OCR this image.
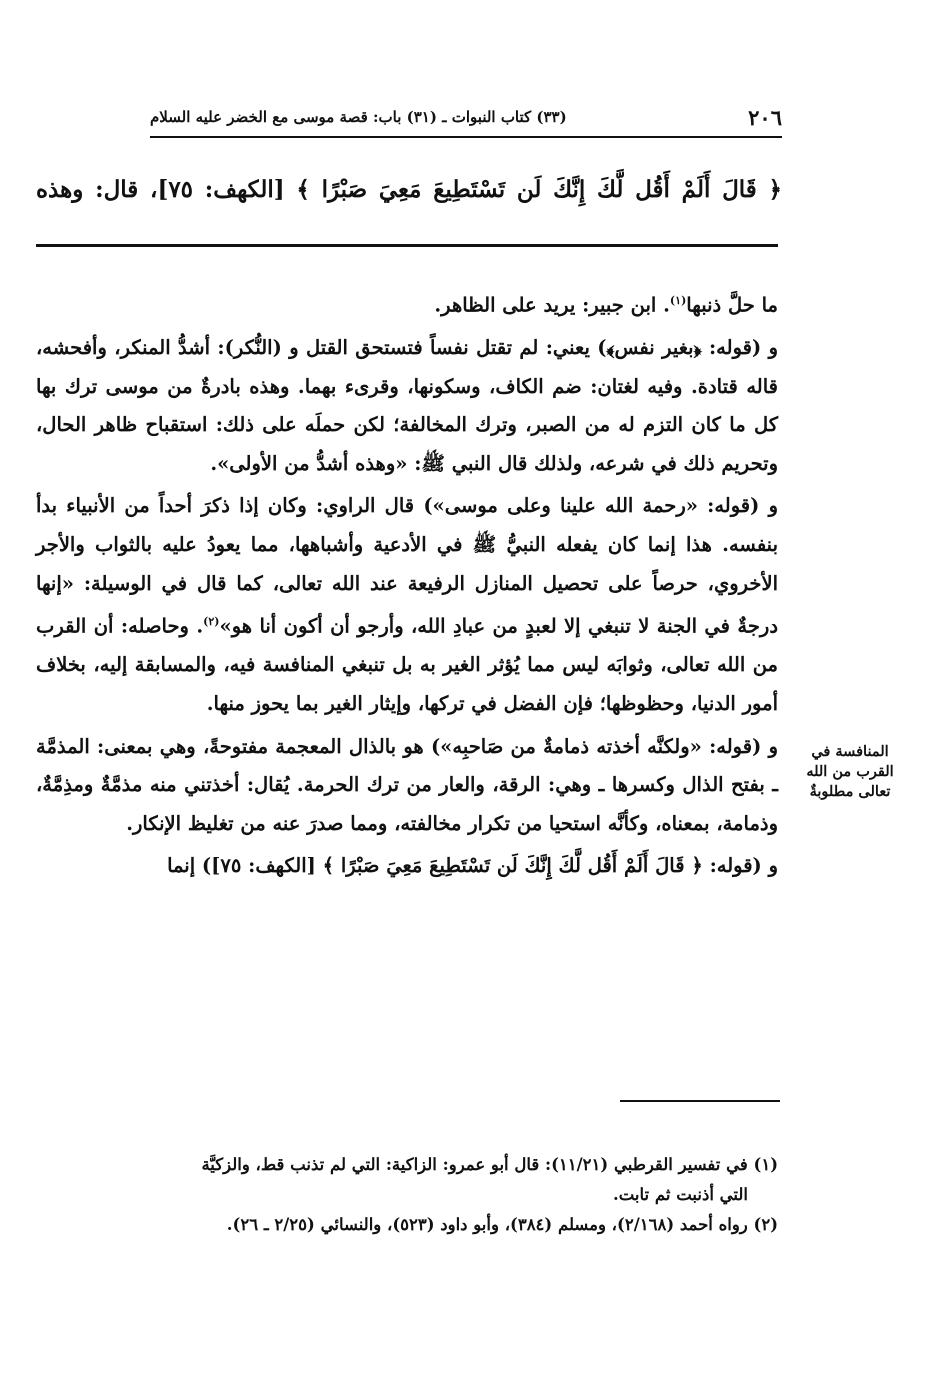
٢٠٦
(٣٣) كتاب النبوات ـ (٣١) باب: قصة موسى مع الخضر عليه السلام
﴿ قَالَ أَلَمْ أَقُل لَّكَ إِنَّكَ لَن تَسْتَطِيعَ مَعِيَ صَبْرًا ﴾ [الكهف: ٧٥]، قال: وهذه

ما حلَّ ذنبها$^{(١)}$. ابن جبير: يريد على الظاهر.

و (قوله: ﴿بغير نفس﴾) يعني: لم تقتل نفساً فتستحق القتل و (النُّكر): أشدُّ المنكر، وأفحشه، قاله قتادة. وفيه لغتان: ضم الكاف، وسكونها، وقرىء بهما. وهذه بادرةٌ من موسى ترك بها كل ما كان التزم له من الصبر، وترك المخالفة؛ لكن حملَه على ذلك: استقباح ظاهر الحال، وتحريم ذلك في شرعه، ولذلك قال النبي ﷺ: «وهذه أشدُّ من الأولى».

و (قوله: «رحمة الله علينا وعلى موسى») قال الراوي: وكان إذا ذكرَ أحداً من الأنبياء بدأ بنفسه. هذا إنما كان يفعله النبيُّ ﷺ في الأدعية وأشباهها، مما يعودُ عليه بالثواب والأجر الأخروي، حرصاً على تحصيل المنازل الرفيعة عند الله تعالى، كما قال في الوسيلة: «إنها درجةٌ في الجنة لا تنبغي إلا لعبدٍ من عبادِ الله، وأرجو أن أكون أنا هو»$^{(٢)}$. وحاصله: أن القرب من الله تعالى، وثوابَه ليس مما يُؤثر الغير به بل تنبغي المنافسة فيه، والمسابقة إليه، بخلاف أمور الدنيا، وحظوظها؛ فإن الفضل في تركها، وإيثار الغير بما يحوز منها.

و (قوله: «ولكنَّه أخذته ذمامةٌ من صَاحبِه») هو بالذال المعجمة مفتوحةً، وهي بمعنى: المذمَّة ـ بفتح الذال وكسرها ـ وهي: الرقة، والعار من ترك الحرمة. يُقال: أخذتني منه مذمَّةٌ ومذِمَّةٌ، وذمامة، بمعناه، وكأنَّه استحيا من تكرار مخالفته، ومما صدرَ عنه من تغليظ الإنكار.

و (قوله: ﴿ قَالَ أَلَمْ أَقُل لَّكَ إِنَّكَ لَن تَسْتَطِيعَ مَعِيَ صَبْرًا ﴾ [الكهف: ٧٥]) إنما

المنافسة في
القرب من الله
تعالى مطلوبةٌ

(١) في تفسير القرطبي (١١/٢١): قال أبو عمرو: الزاكية: التي لم تذنب قط، والزكيَّة

التي أذنبت ثم تابت.

(٢) رواه أحمد (٢/١٦٨)، ومسلم (٣٨٤)، وأبو داود (٥٢٣)، والنسائي (٢/٢٥ ـ ٢٦).
